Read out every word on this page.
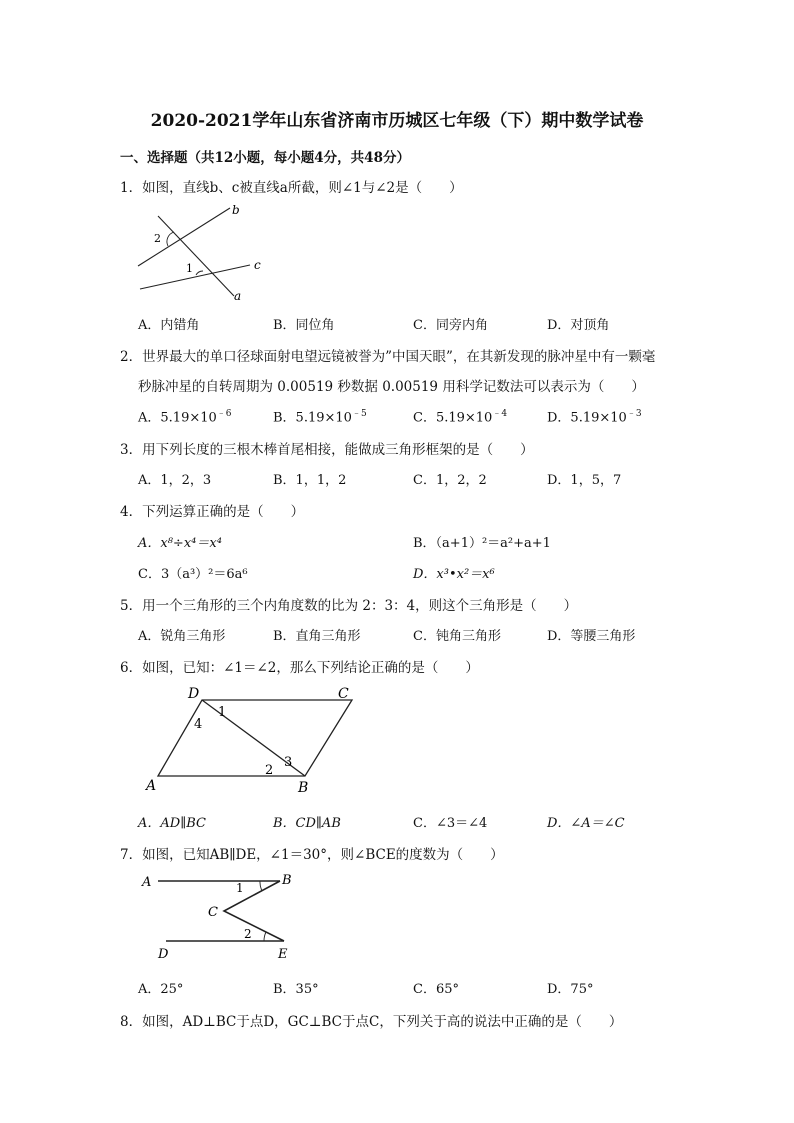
2020-2021学年山东省济南市历城区七年级（下）期中数学试卷
一、选择题（共12小题，每小题4分，共48分）
1．如图，直线b、c被直线a所截，则∠1与∠2是（　　）
b
c
a
1
2
A．内错角	B．同位角	C．同旁内角	D．对顶角
2．世界最大的单口径球面射电望远镜被誉为”中国天眼”，在其新发现的脉冲星中有一颗毫
秒脉冲星的自转周期为 0.00519 秒数据 0.00519 用科学记数法可以表示为（　　）
A．$5.19\times 10^{﹣6}$	B．$5.19\times 10^{﹣5}$	C．$5.19\times 10^{﹣4}$	D．$5.19\times 10^{﹣3}$
3．用下列长度的三根木棒首尾相接，能做成三角形框架的是（　　）
A．1，2，3	B．1，1，2	C．1，2，2	D．1，5，7
4．下列运算正确的是（　　）
A．x⁸÷x⁴＝x⁴	B．（a+1）²＝a²+a+1
C．3（a³）²＝6a⁶	D．x³•x²＝x⁶
5．用一个三角形的三个内角度数的比为 2：3：4，则这个三角形是（　　）
A．锐角三角形	B．直角三角形	C．钝角三角形	D．等腰三角形
6．如图，已知：∠1＝∠2，那么下列结论正确的是（　　）
D	C
A	B
1
4
2
3
A．AD∥BC	B．CD∥AB	C．∠3＝∠4	D．∠A＝∠C
7．如图，已知AB∥DE，∠1＝30°，则∠BCE的度数为（　　）
A	B
C
D	E
1
2
A．25°	B．35°	C．65°	D．75°
8．如图，AD⊥BC于点D，GC⊥BC于点C，下列关于高的说法中正确的是（　　）
